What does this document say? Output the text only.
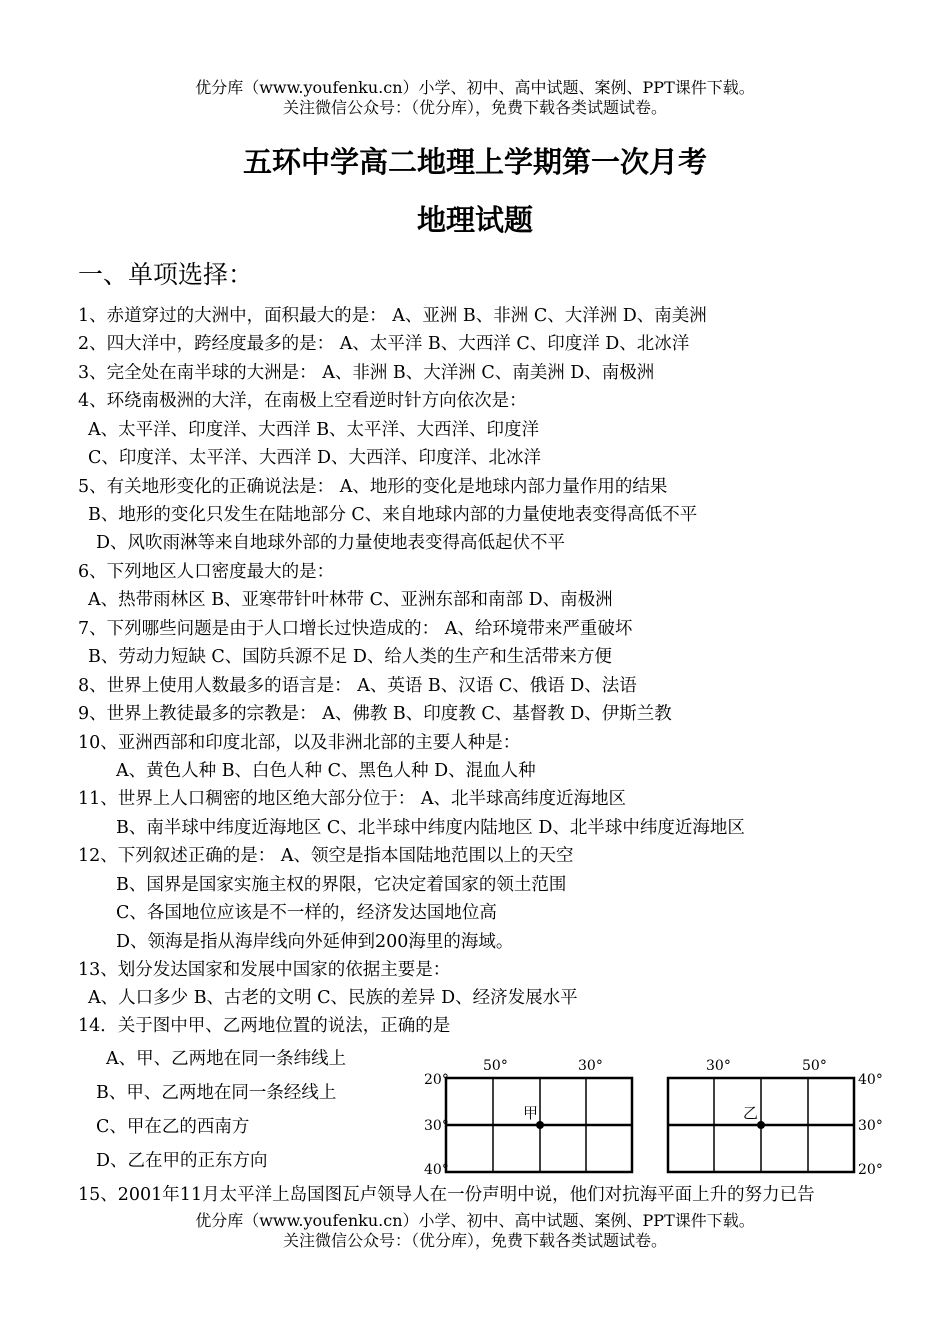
优分库（www.youfenku.cn）小学、初中、高中试题、案例、PPT课件下载。
关注微信公众号：（优分库），免费下载各类试题试卷。
五环中学高二地理上学期第一次月考
地理试题
一、单项选择：
1、赤道穿过的大洲中，面积最大的是： A、亚洲 B、非洲 C、大洋洲 D、南美洲
2、四大洋中，跨经度最多的是： A、太平洋 B、大西洋 C、印度洋 D、北冰洋
3、完全处在南半球的大洲是： A、非洲 B、大洋洲 C、南美洲 D、南极洲
4、环绕南极洲的大洋，在南极上空看逆时针方向依次是：
A、太平洋、印度洋、大西洋 B、太平洋、大西洋、印度洋
C、印度洋、太平洋、大西洋 D、大西洋、印度洋、北冰洋
5、有关地形变化的正确说法是： A、地形的变化是地球内部力量作用的结果
B、地形的变化只发生在陆地部分 C、来自地球内部的力量使地表变得高低不平
D、风吹雨淋等来自地球外部的力量使地表变得高低起伏不平
6、下列地区人口密度最大的是：
A、热带雨林区 B、亚寒带针叶林带 C、亚洲东部和南部 D、南极洲
7、下列哪些问题是由于人口增长过快造成的： A、给环境带来严重破坏
B、劳动力短缺 C、国防兵源不足 D、给人类的生产和生活带来方便
8、世界上使用人数最多的语言是： A、英语 B、汉语 C、俄语 D、法语
9、世界上教徒最多的宗教是： A、佛教 B、印度教 C、基督教 D、伊斯兰教
10、亚洲西部和印度北部，以及非洲北部的主要人种是：
A、黄色人种 B、白色人种 C、黑色人种 D、混血人种
11、世界上人口稠密的地区绝大部分位于： A、北半球高纬度近海地区
B、南半球中纬度近海地区 C、北半球中纬度内陆地区 D、北半球中纬度近海地区
12、下列叙述正确的是： A、领空是指本国陆地范围以上的天空
B、国界是国家实施主权的界限，它决定着国家的领土范围
C、各国地位应该是不一样的，经济发达国地位高
D、领海是指从海岸线向外延伸到200海里的海域。
13、划分发达国家和发展中国家的依据主要是：
A、人口多少 B、古老的文明 C、民族的差异 D、经济发展水平
14．关于图中甲、乙两地位置的说法，正确的是
A、甲、乙两地在同一条纬线上
B、甲、乙两地在同一条经线上
C、甲在乙的西南方
D、乙在甲的正东方向
50°	30°
20°
30°
40°
甲
30°	50°
40°
30°
20°
乙
15、2001年11月太平洋上岛国图瓦卢领导人在一份声明中说，他们对抗海平面上升的努力已告
优分库（www.youfenku.cn）小学、初中、高中试题、案例、PPT课件下载。
关注微信公众号：（优分库），免费下载各类试题试卷。
